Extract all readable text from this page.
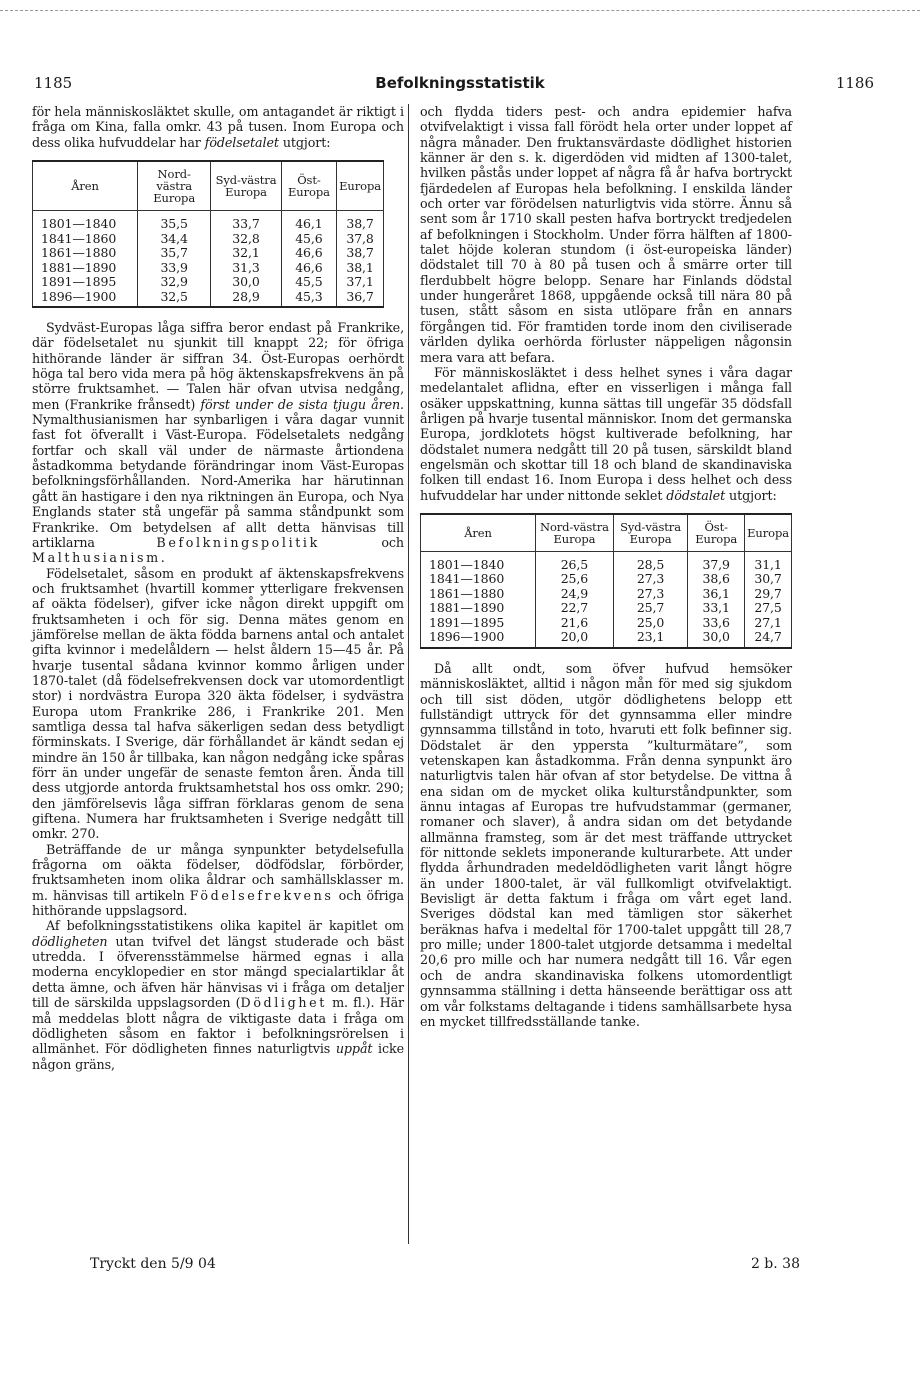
1185	Befolkningsstatistik	1186

för hela människosläktet skulle, om antagandet är riktigt i fråga om Kina, falla omkr. 43 på tusen. Inom Europa och dess olika hufvuddelar har födelsetalet utgjort:

Åren	Nord-västra Europa	Syd-västra Europa	Öst-Europa	Europa
1801—1840	35,5	33,7	46,1	38,7
1841—1860	34,4	32,8	45,6	37,8
1861—1880	35,7	32,1	46,6	38,7
1881—1890	33,9	31,3	46,6	38,1
1891—1895	32,9	30,0	45,5	37,1
1896—1900	32,5	28,9	45,3	36,7

Sydväst-Europas låga siffra beror endast på Frankrike, där födelsetalet nu sjunkit till knappt 22; för öfriga hithörande länder är siffran 34. Öst-Europas oerhördt höga tal bero vida mera på hög äktenskapsfrekvens än på större fruktsamhet. — Talen här ofvan utvisa nedgång, men (Frankrike frånsedt) först under de sista tjugu åren. Nymalthusianismen har synbarligen i våra dagar vunnit fast fot öfverallt i Väst-Europa. Födelsetalets nedgång fortfar och skall väl under de närmaste årtiondena åstadkomma betydande förändringar inom Väst-Europas befolkningsförhållanden. Nord-Amerika har härutinnan gått än hastigare i den nya riktningen än Europa, och Nya Englands stater stå ungefär på samma ståndpunkt som Frankrike. Om betydelsen af allt detta hänvisas till artiklarna Befolkningspolitik och Malthusianism.

Födelsetalet, såsom en produkt af äktenskapsfrekvens och fruktsamhet (hvartill kommer ytterligare frekvensen af oäkta födelser), gifver icke någon direkt uppgift om fruktsamheten i och för sig. Denna mätes genom en jämförelse mellan de äkta födda barnens antal och antalet gifta kvinnor i medelåldern — helst åldern 15—45 år. På hvarje tusental sådana kvinnor kommo årligen under 1870-talet (då födelsefrekvensen dock var utomordentligt stor) i nordvästra Europa 320 äkta födelser, i sydvästra Europa utom Frankrike 286, i Frankrike 201. Men samtliga dessa tal hafva säkerligen sedan dess betydligt förminskats. I Sverige, där förhållandet är kändt sedan ej mindre än 150 år tillbaka, kan någon nedgång icke spåras förr än under ungefär de senaste femton åren. Ända till dess utgjorde antorda fruktsamhetstal hos oss omkr. 290; den jämförelsevis låga siffran förklaras genom de sena giftena. Numera har fruktsamheten i Sverige nedgått till omkr. 270.

Beträffande de ur många synpunkter betydelsefulla frågorna om oäkta födelser, dödfödslar, förbörder, fruktsamheten inom olika åldrar och samhällsklasser m. m. hänvisas till artikeln Födelsefrekvens och öfriga hithörande uppslagsord.

Af befolkningsstatistikens olika kapitel är kapitlet om dödligheten utan tvifvel det längst studerade och bäst utredda. I öfverensstämmelse härmed egnas i alla moderna encyklopedier en stor mängd specialartiklar åt detta ämne, och äfven här hänvisas vi i fråga om detaljer till de särskilda uppslagsorden (Dödlighet m. fl.). Här må meddelas blott några de viktigaste data i fråga om dödligheten såsom en faktor i befolkningsrörelsen i allmänhet. För dödligheten finnes naturligtvis uppåt icke någon gräns,

och flydda tiders pest- och andra epidemier hafva otvifvelaktigt i vissa fall förödt hela orter under loppet af några månader. Den fruktansvärdaste dödlighet historien känner är den s. k. digerdöden vid midten af 1300-talet, hvilken påstås under loppet af några få år hafva bortryckt fjärdedelen af Europas hela befolkning. I enskilda länder och orter var förödelsen naturligtvis vida större. Ännu så sent som år 1710 skall pesten hafva bortryckt tredjedelen af befolkningen i Stockholm. Under förra hälften af 1800-talet höjde koleran stundom (i öst-europeiska länder) dödstalet till 70 à 80 på tusen och å smärre orter till flerdubbelt högre belopp. Senare har Finlands dödstal under hungeråret 1868, uppgående också till nära 80 på tusen, stått såsom en sista utlöpare från en annars förgången tid. För framtiden torde inom den civiliserade världen dylika oerhörda förluster näppeligen någonsin mera vara att befara.

För människosläktet i dess helhet synes i våra dagar medelantalet aflidna, efter en visserligen i många fall osäker uppskattning, kunna sättas till ungefär 35 dödsfall årligen på hvarje tusental människor. Inom det germanska Europa, jordklotets högst kultiverade befolkning, har dödstalet numera nedgått till 20 på tusen, särskildt bland engelsmän och skottar till 18 och bland de skandinaviska folken till endast 16. Inom Europa i dess helhet och dess hufvuddelar har under nittonde seklet dödstalet utgjort:

Åren	Nord-västra Europa	Syd-västra Europa	Öst-Europa	Europa
1801—1840	26,5	28,5	37,9	31,1
1841—1860	25,6	27,3	38,6	30,7
1861—1880	24,9	27,3	36,1	29,7
1881—1890	22,7	25,7	33,1	27,5
1891—1895	21,6	25,0	33,6	27,1
1896—1900	20,0	23,1	30,0	24,7

Då allt ondt, som öfver hufvud hemsöker människosläktet, alltid i någon mån för med sig sjukdom och till sist döden, utgör dödlighetens belopp ett fullständigt uttryck för det gynnsamma eller mindre gynnsamma tillstånd in toto, hvaruti ett folk befinner sig. Dödstalet är den yppersta ”kulturmätare”, som vetenskapen kan åstadkomma. Från denna synpunkt äro naturligtvis talen här ofvan af stor betydelse. De vittna å ena sidan om de mycket olika kulturståndpunkter, som ännu intagas af Europas tre hufvudstammar (germaner, romaner och slaver), å andra sidan om det betydande allmänna framsteg, som är det mest träffande uttrycket för nittonde seklets imponerande kulturarbete. Att under flydda århundraden medeldödligheten varit långt högre än under 1800-talet, är väl fullkomligt otvifvelaktigt. Bevisligt är detta faktum i fråga om vårt eget land. Sveriges dödstal kan med tämligen stor säkerhet beräknas hafva i medeltal för 1700-talet uppgått till 28,7 pro mille; under 1800-talet utgjorde detsamma i medeltal 20,6 pro mille och har numera nedgått till 16. Vår egen och de andra skandinaviska folkens utomordentligt gynnsamma ställning i detta hänseende berättigar oss att om vår folkstams deltagande i tidens samhällsarbete hysa en mycket tillfredsställande tanke.

Tryckt den 5/9 04	2 b. 38
